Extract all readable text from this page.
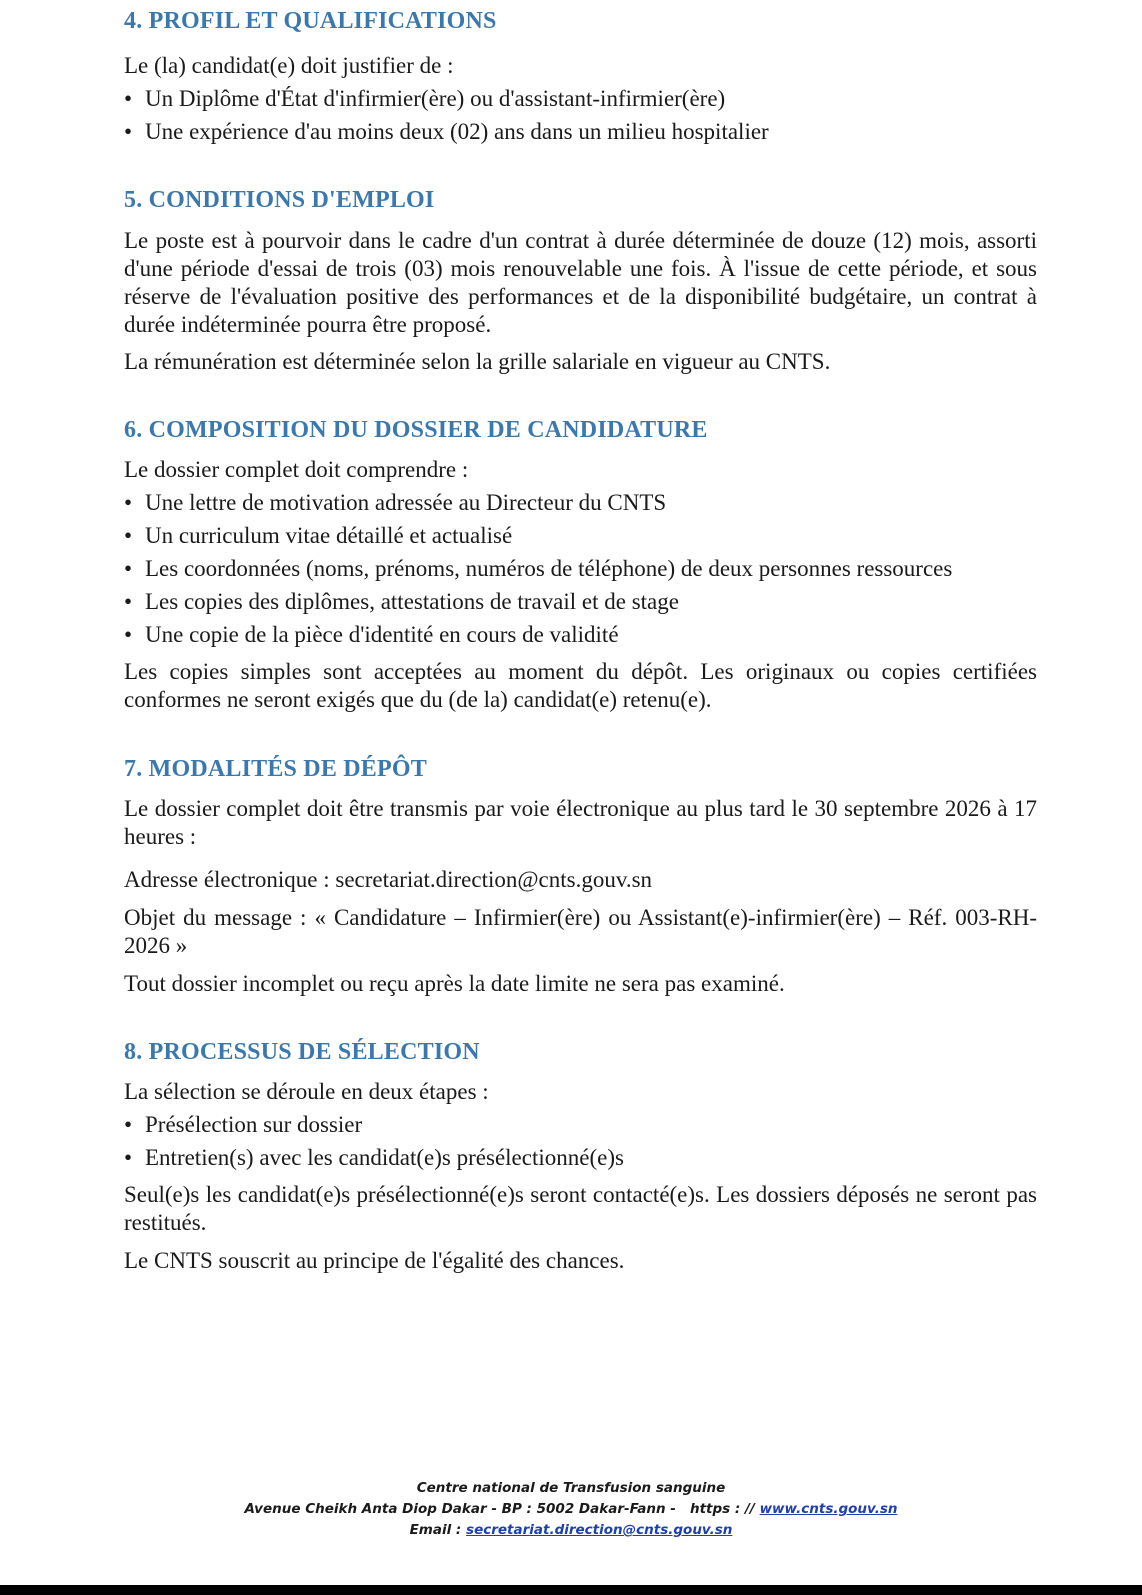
4. PROFIL ET QUALIFICATIONS

Le (la) candidat(e) doit justifier de :

• Un Diplôme d'État d'infirmier(ère) ou d'assistant-infirmier(ère)
• Une expérience d'au moins deux (02) ans dans un milieu hospitalier
5. CONDITIONS D'EMPLOI

Le poste est à pourvoir dans le cadre d'un contrat à durée déterminée de douze (12) mois, assorti d'une période d'essai de trois (03) mois renouvelable une fois. À l'issue de cette période, et sous réserve de l'évaluation positive des performances et de la disponibilité budgétaire, un contrat à durée indéterminée pourra être proposé.

La rémunération est déterminée selon la grille salariale en vigueur au CNTS.

6. COMPOSITION DU DOSSIER DE CANDIDATURE

Le dossier complet doit comprendre :

• Une lettre de motivation adressée au Directeur du CNTS
• Un curriculum vitae détaillé et actualisé
• Les coordonnées (noms, prénoms, numéros de téléphone) de deux personnes ressources
• Les copies des diplômes, attestations de travail et de stage
• Une copie de la pièce d'identité en cours de validité

Les copies simples sont acceptées au moment du dépôt. Les originaux ou copies certifiées conformes ne seront exigés que du (de la) candidat(e) retenu(e).

7. MODALITÉS DE DÉPÔT

Le dossier complet doit être transmis par voie électronique au plus tard le 30 septembre 2026 à 17 heures :

Adresse électronique : secretariat.direction@cnts.gouv.sn

Objet du message : « Candidature – Infirmier(ère) ou Assistant(e)-infirmier(ère) – Réf. 003-RH-2026 »

Tout dossier incomplet ou reçu après la date limite ne sera pas examiné.

8. PROCESSUS DE SÉLECTION

La sélection se déroule en deux étapes :

• Présélection sur dossier
• Entretien(s) avec les candidat(e)s présélectionné(e)s

Seul(e)s les candidat(e)s présélectionné(e)s seront contacté(e)s. Les dossiers déposés ne seront pas restitués.

Le CNTS souscrit au principe de l'égalité des chances.

Centre national de Transfusion sanguine
Avenue Cheikh Anta Diop Dakar - BP : 5002 Dakar-Fann -   https : // www.cnts.gouv.sn
Email : secretariat.direction@cnts.gouv.sn
